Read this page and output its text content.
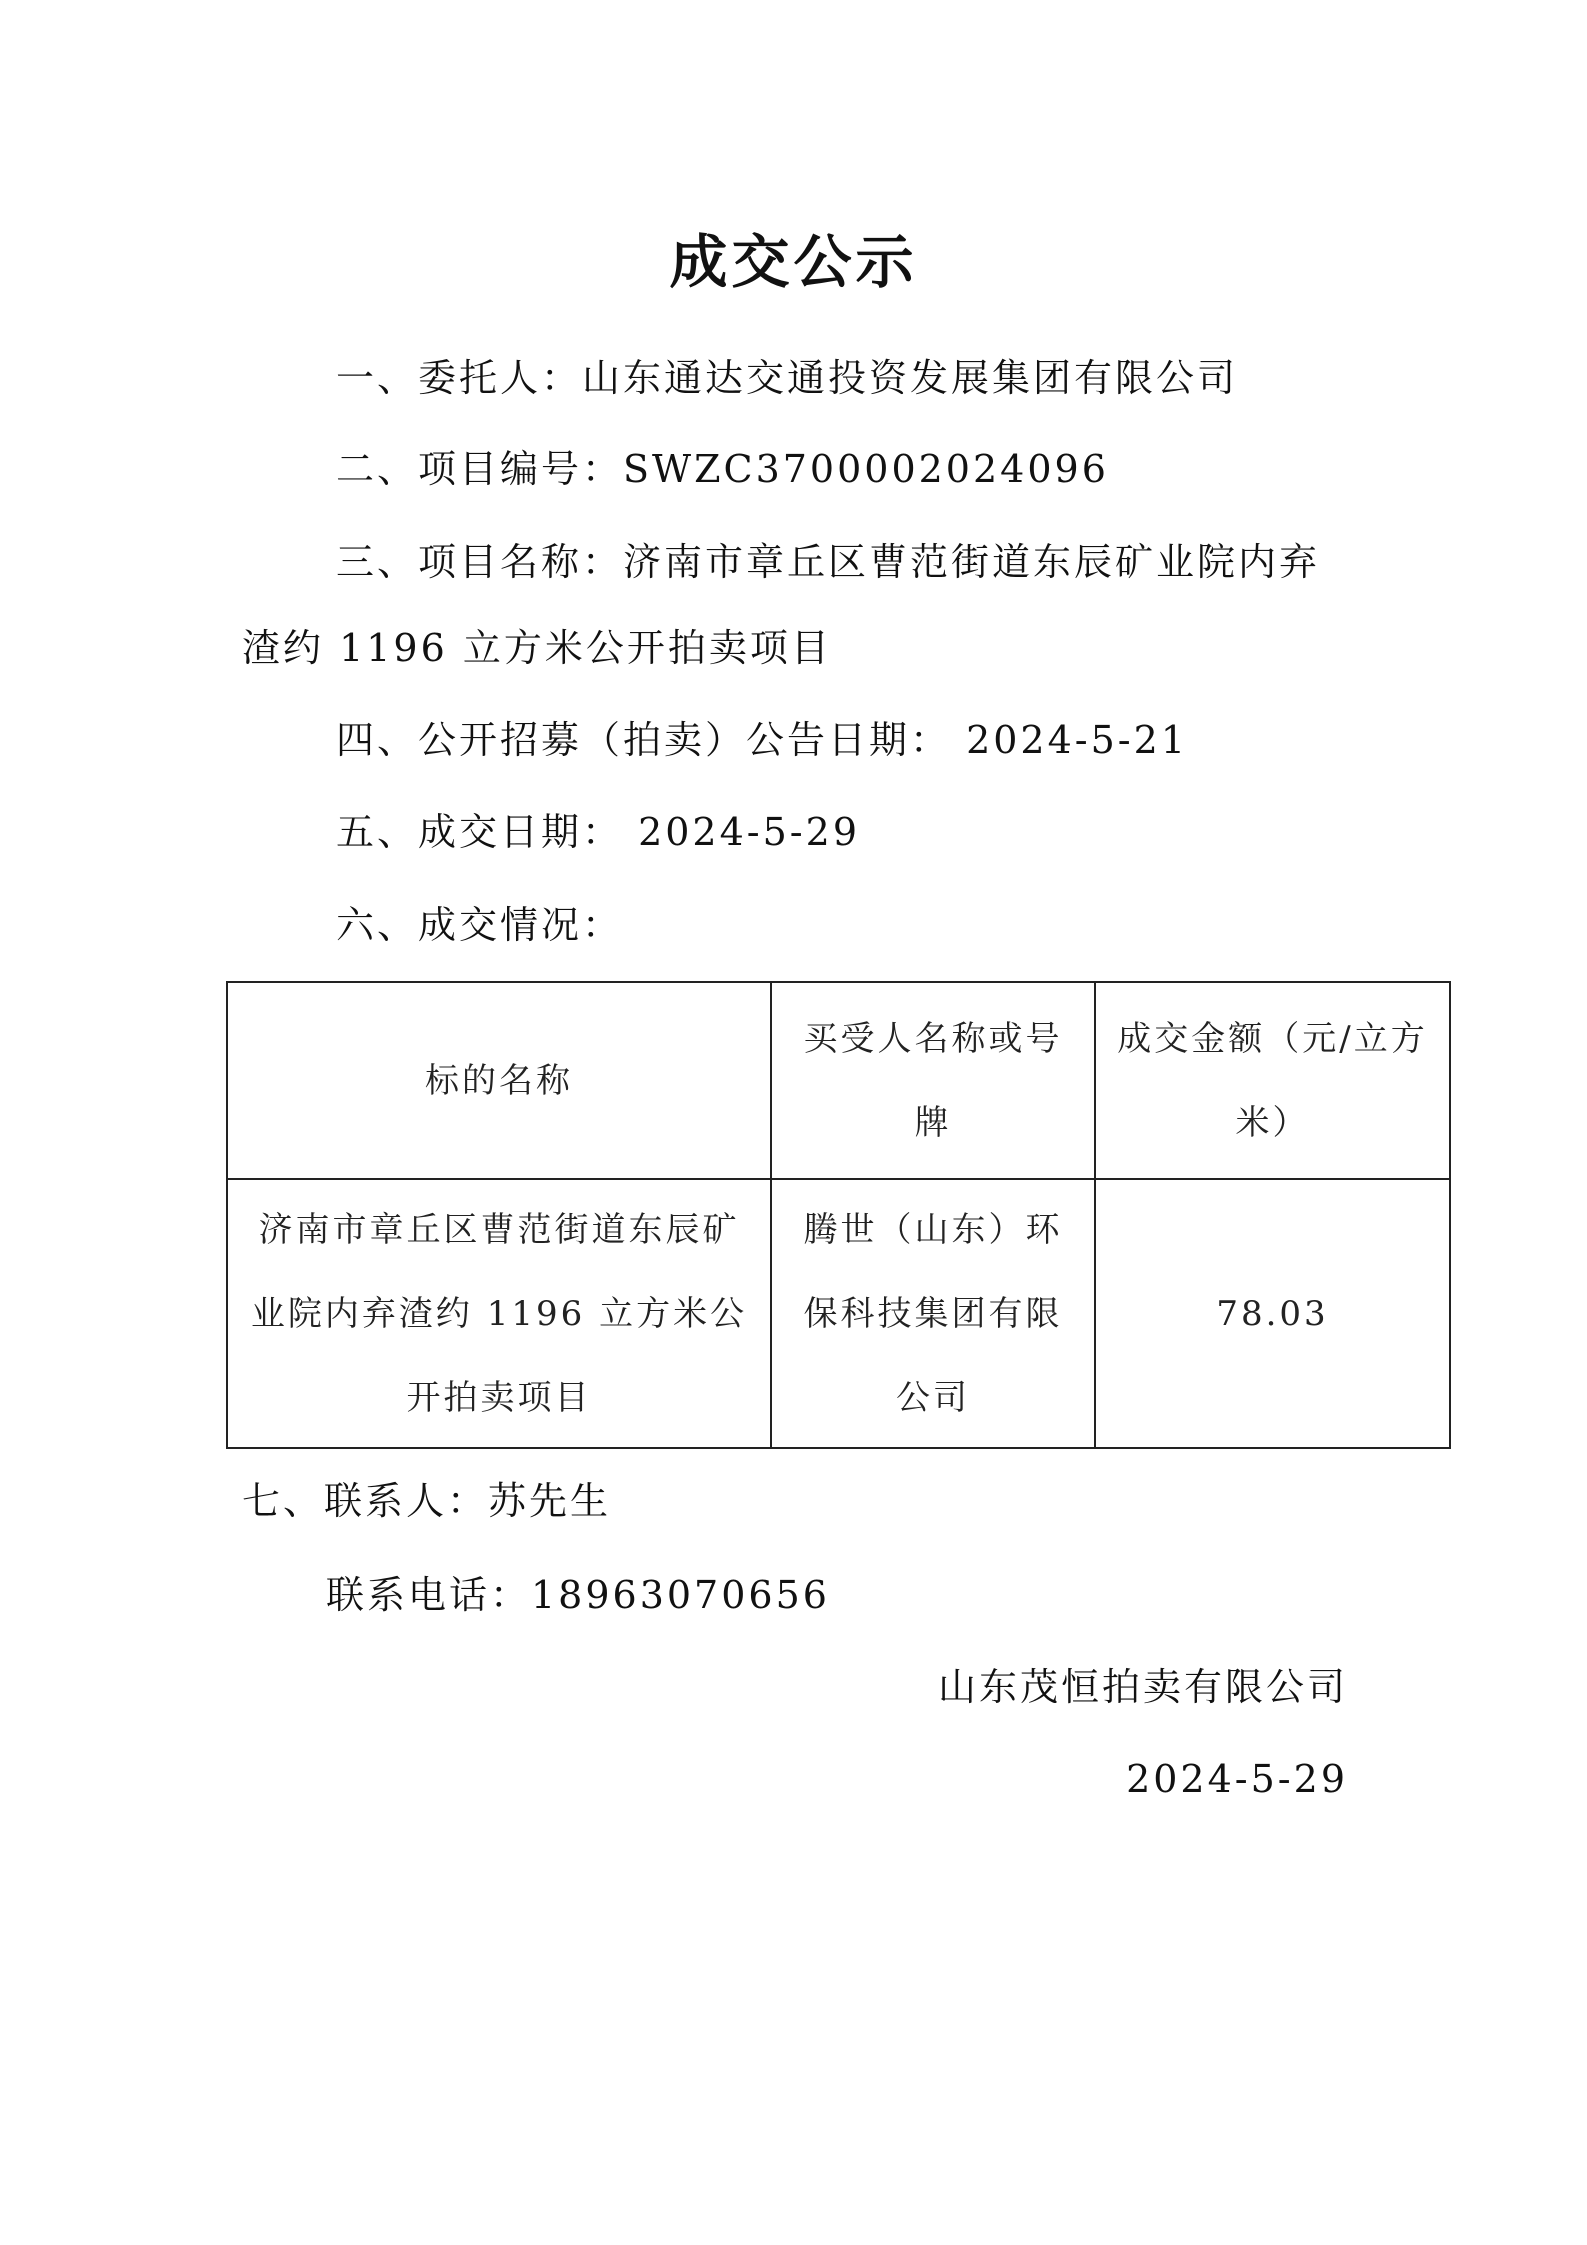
成交公示
一、委托人：山东通达交通投资发展集团有限公司
二、项目编号：SWZC3700002024096
三、项目名称：济南市章丘区曹范街道东辰矿业院内弃
渣约 1196 立方米公开拍卖项目
四、公开招募（拍卖）公告日期： 2024-5-21
五、成交日期： 2024-5-29
六、成交情况：
标的名称	买受人名称或号牌	成交金额（元/立方米）

济南市章丘区曹范街道东辰矿业院内弃渣约 1196 立方米公开拍卖项目	腾世（山东）环保科技集团有限公司	78.03
七、联系人：苏先生
联系电话：18963070656
山东茂恒拍卖有限公司
2024-5-29
